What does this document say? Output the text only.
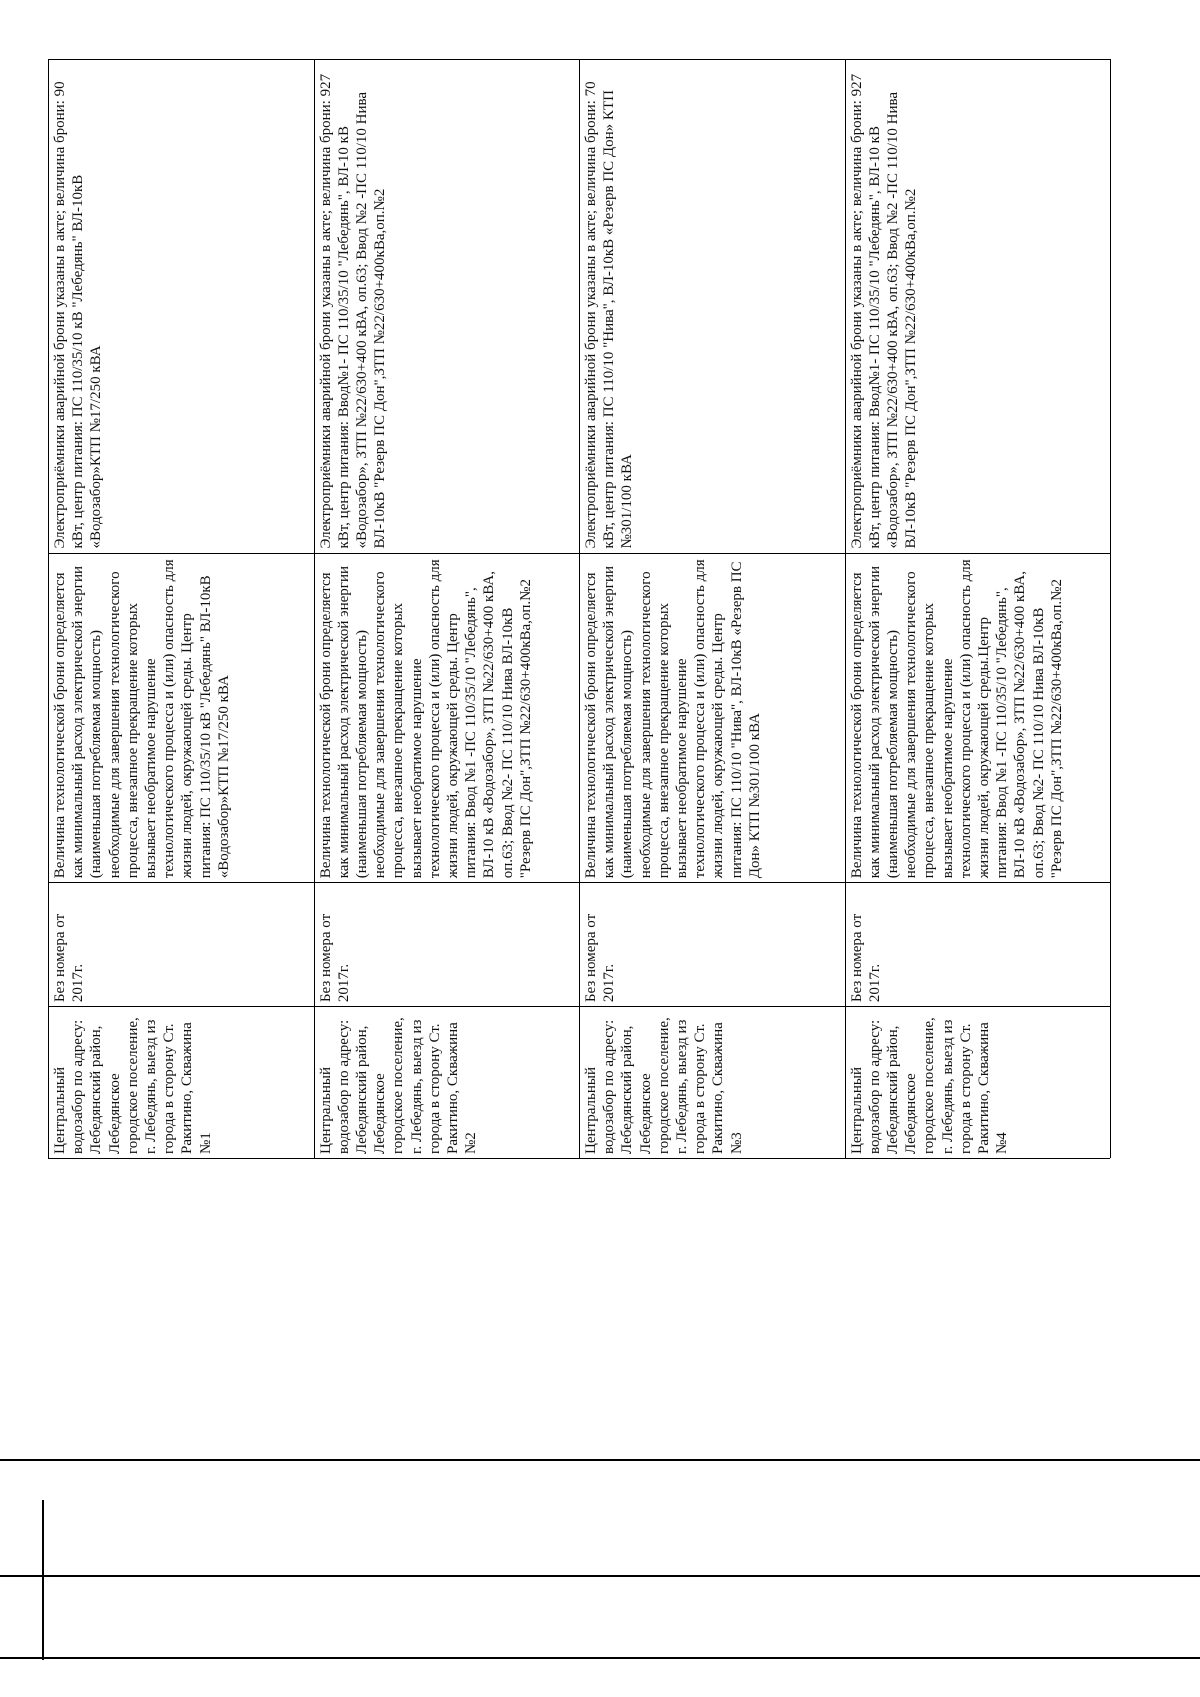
Центральный водозабор по адресу: Лебедянский район, Лебедянское городское поселение, г. Лебедянь, выезд из города в сторону Ст. Ракитино, Скважина №1
Без номера от 2017г.
Величина технологической брони определяется как минимальный расход электрической энергии (наименьшая потребляемая мощность) необходимые для завершения технологического процесса, внезапное прекращение которых вызывает необратимое нарушение технологического процесса и (или) опасность для жизни людей, окружающей среды. Центр питания: ПС 110/35/10 кВ "Лебедянь" ВЛ-10кВ «Водозабор»КТП №17/250 кВА
Электроприёмники аварийной брони указаны в акте; величина брони: 90 кВт, центр питания: ПС 110/35/10 кВ "Лебедянь" ВЛ-10кВ «Водозабор»КТП №17/250 кВА
Центральный водозабор по адресу: Лебедянский район, Лебедянское городское поселение, г. Лебедянь, выезд из города в сторону Ст. Ракитино, Скважина №2
Без номера от 2017г.
Величина технологической брони определяется как минимальный расход электрической энергии (наименьшая потребляемая мощность) необходимые для завершения технологического процесса, внезапное прекращение которых вызывает необратимое нарушение технологического процесса и (или) опасность для жизни людей, окружающей среды. Центр питания: Ввод №1 -ПС 110/35/10 "Лебедянь", ВЛ-10 кВ «Водозабор», ЗТП №22/630+400 кВА, оп.63; Ввод №2- ПС 110/10 Нива ВЛ-10кВ "Резерв ПС Дон",ЗТП №22/630+400кВа,оп.№2
Электроприёмники аварийной брони указаны в акте; величина брони: 927 кВт, центр питания: Ввод№1- ПС 110/35/10 "Лебедянь", ВЛ-10 кВ «Водозабор», ЗТП №22/630+400 кВА, оп.63; Ввод №2 -ПС 110/10 Нива ВЛ-10кВ "Резерв ПС Дон",ЗТП №22/630+400кВа,оп.№2
Центральный водозабор по адресу: Лебедянский район, Лебедянское городское поселение, г. Лебедянь, выезд из города в сторону Ст. Ракитино, Скважина №3
Без номера от 2017г.
Величина технологической брони определяется как минимальный расход электрической энергии (наименьшая потребляемая мощность) необходимые для завершения технологического процесса, внезапное прекращение которых вызывает необратимое нарушение технологического процесса и (или) опасность для жизни людей, окружающей среды. Центр питания: ПС 110/10 "Нива", ВЛ-10кВ «Резерв ПС Дон» КТП №301/100 кВА
Электроприёмники аварийной брони указаны в акте; величина брони: 70 кВт, центр питания: ПС 110/10 "Нива", ВЛ-10кВ «Резерв ПС Дон» КТП №301/100 кВА
Центральный водозабор по адресу: Лебедянский район, Лебедянское городское поселение, г. Лебедянь, выезд из города в сторону Ст. Ракитино, Скважина №4
Без номера от 2017г.
Величина технологической брони определяется как минимальный расход электрической энергии (наименьшая потребляемая мощность) необходимые для завершения технологического процесса, внезапное прекращение которых вызывает необратимое нарушение технологического процесса и (или) опасность для жизни людей, окружающей среды.Центр питания: Ввод №1 -ПС 110/35/10 "Лебедянь", ВЛ-10 кВ «Водозабор», ЗТП №22/630+400 кВА, оп.63; Ввод №2- ПС 110/10 Нива ВЛ-10кВ "Резерв ПС Дон",ЗТП №22/630+400кВа,оп.№2
Электроприёмники аварийной брони указаны в акте; величина брони: 927 кВт, центр питания: Ввод№1- ПС 110/35/10 "Лебедянь", ВЛ-10 кВ «Водозабор», ЗТП №22/630+400 кВА, оп.63; Ввод №2 -ПС 110/10 Нива ВЛ-10кВ "Резерв ПС Дон",ЗТП №22/630+400кВа,оп.№2
